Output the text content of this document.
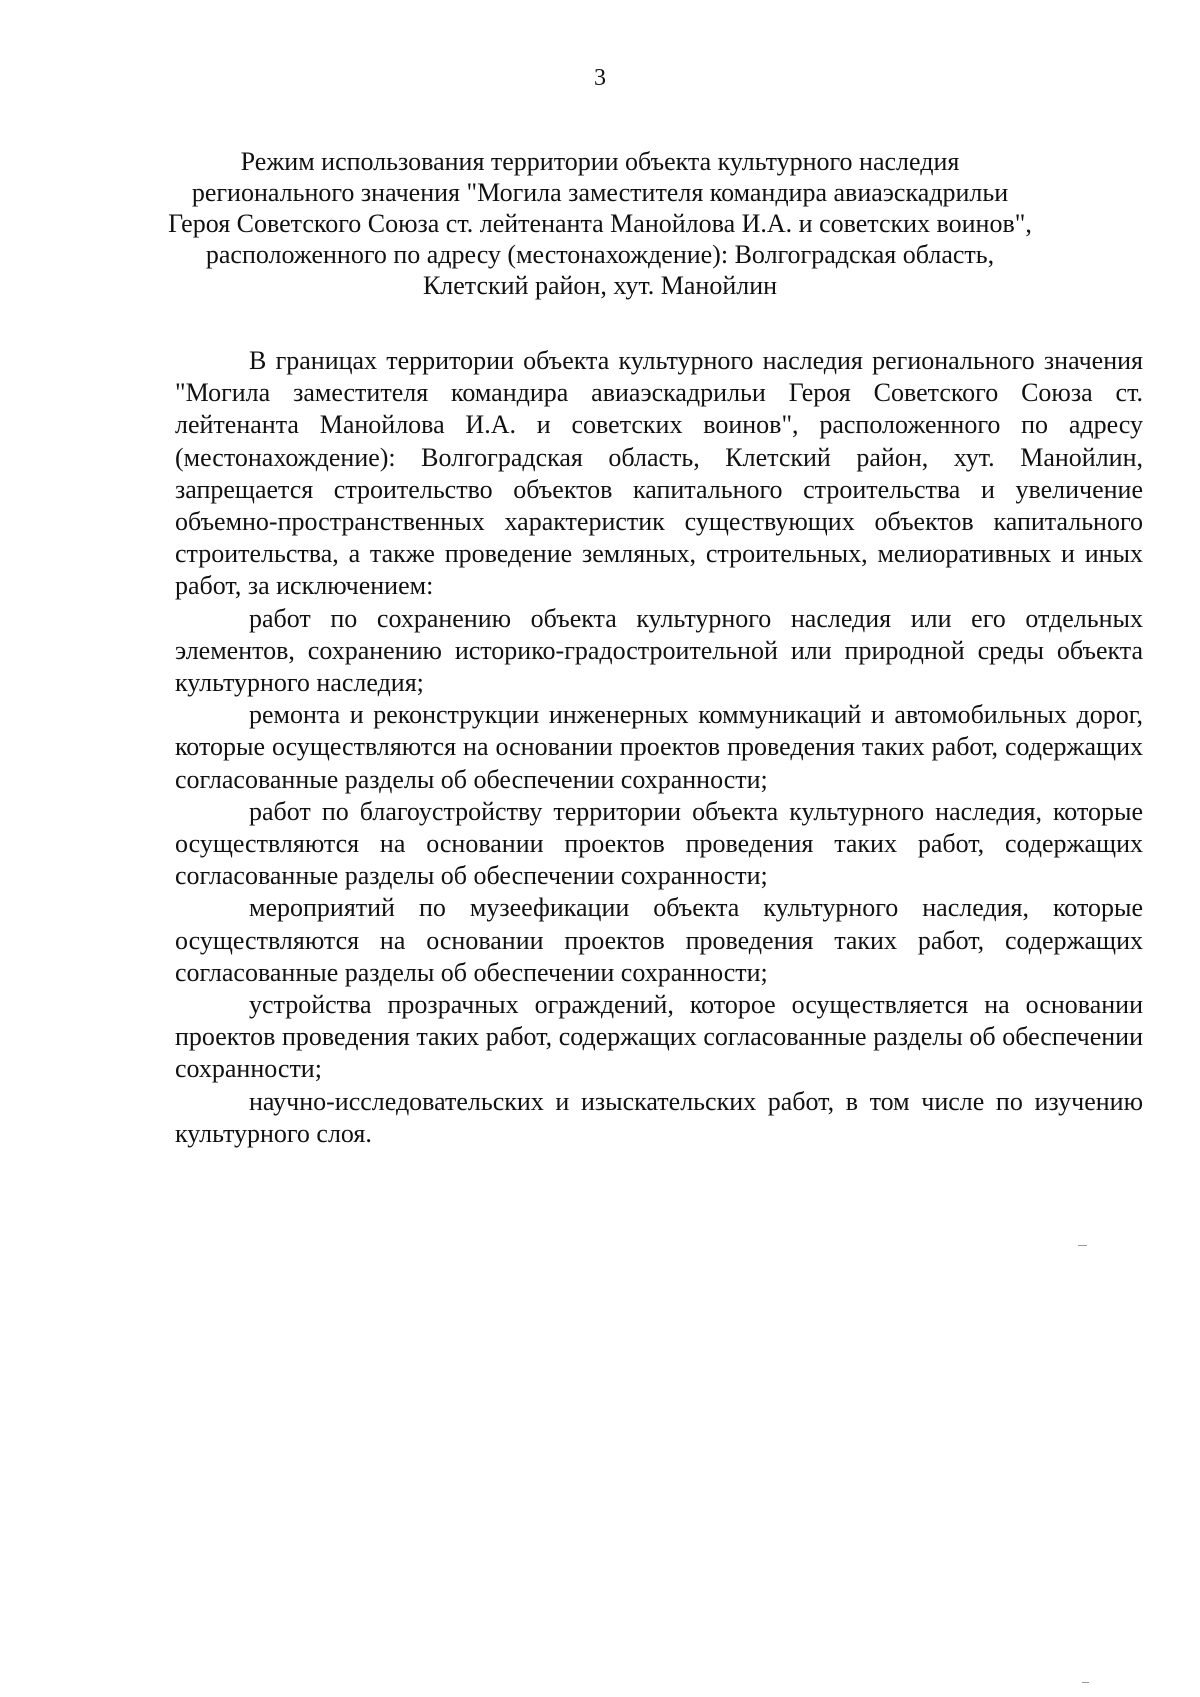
3
Режим использования территории объекта культурного наследия
регионального значения "Могила заместителя командира авиаэскадрильи
Героя Советского Союза ст. лейтенанта Манойлова И.А. и советских воинов",
расположенного по адресу (местонахождение): Волгоградская область,
Клетский район, хут. Манойлин

В границах территории объекта культурного наследия регионального значения "Могила заместителя командира авиаэскадрильи Героя Советского Союза ст. лейтенанта Манойлова И.А. и советских воинов", расположенного по адресу (местонахождение): Волгоградская область, Клетский район, хут. Манойлин, запрещается строительство объектов капитального строительства и увеличение объемно-пространственных характеристик существующих объектов капитального строительства, а также проведение земляных, строительных, мелиоративных и иных работ, за исключением:

работ по сохранению объекта культурного наследия или его отдельных элементов, сохранению историко-градостроительной или природной среды объекта культурного наследия;

ремонта и реконструкции инженерных коммуникаций и автомобильных дорог, которые осуществляются на основании проектов проведения таких работ, содержащих согласованные разделы об обеспечении сохранности;

работ по благоустройству территории объекта культурного наследия, которые осуществляются на основании проектов проведения таких работ, содержащих согласованные разделы об обеспечении сохранности;

мероприятий по музеефикации объекта культурного наследия, которые осуществляются на основании проектов проведения таких работ, содержащих согласованные разделы об обеспечении сохранности;

устройства прозрачных ограждений, которое осуществляется на основании проектов проведения таких работ, содержащих согласованные разделы об обеспечении сохранности;

научно-исследовательских и изыскательских работ, в том числе по изучению культурного слоя.
